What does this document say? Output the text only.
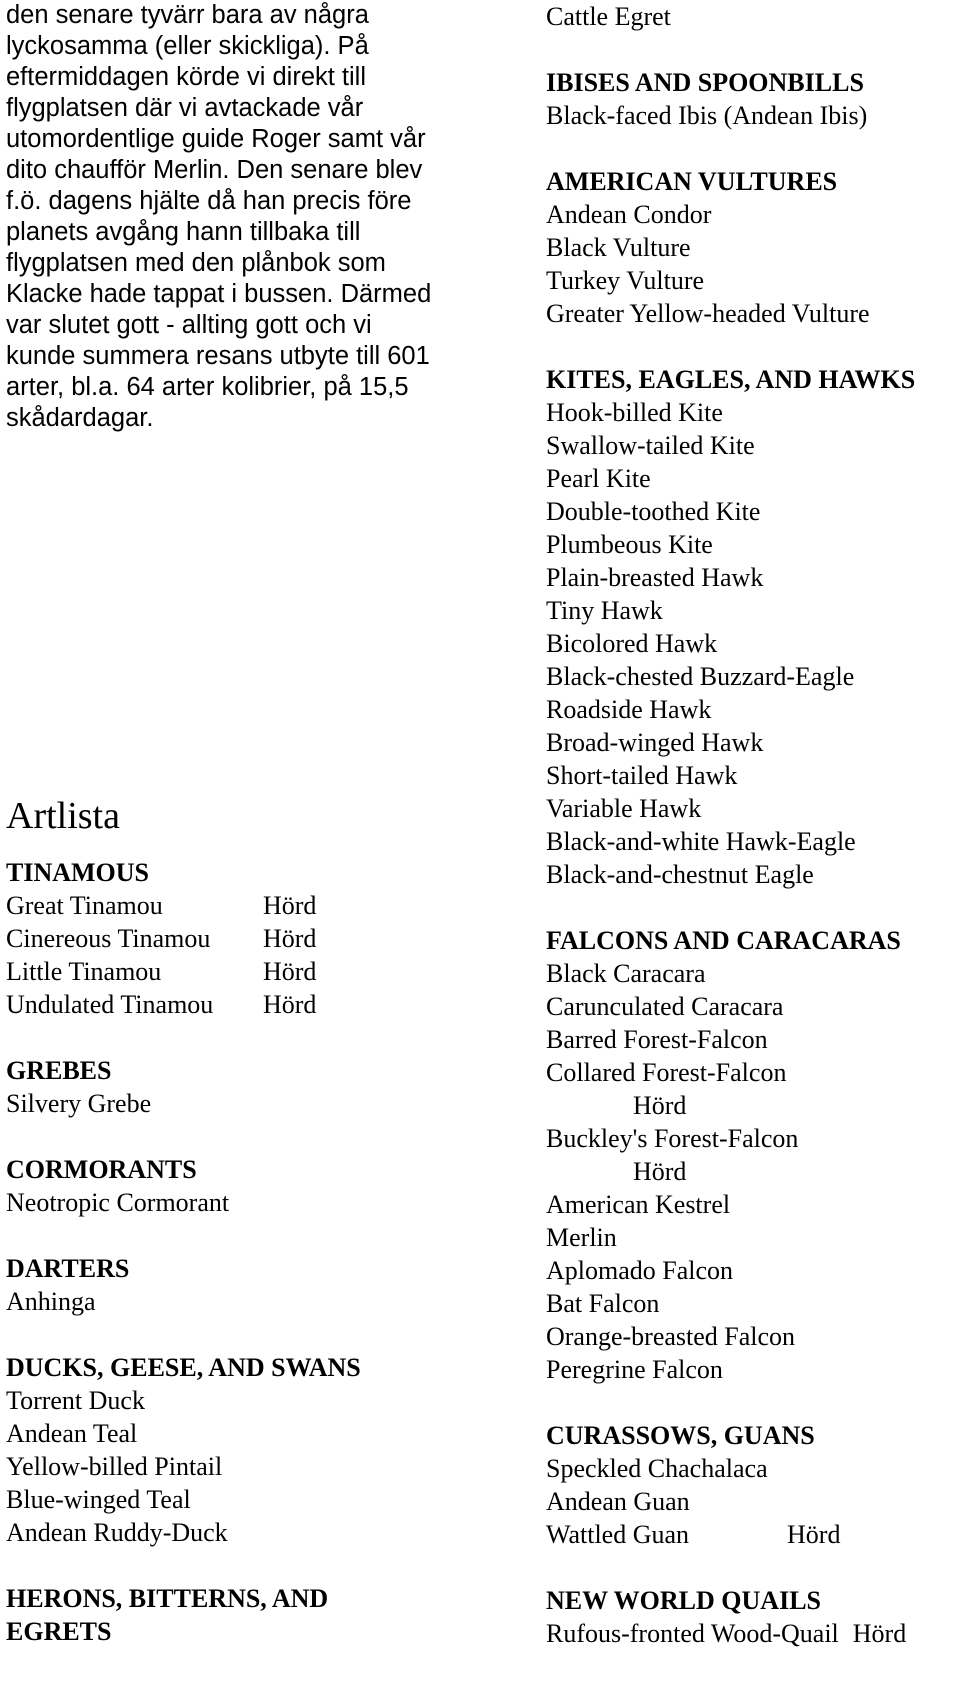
den senare tyvärr bara av några
lyckosamma (eller skickliga). På
eftermiddagen körde vi direkt till
flygplatsen där vi avtackade vår
utomordentlige guide Roger samt vår
dito chaufför Merlin. Den senare blev
f.ö. dagens hjälte då han precis före
planets avgång hann tillbaka till
flygplatsen med den plånbok som
Klacke hade tappat i bussen. Därmed
var slutet gott - allting gott och vi
kunde summera resans utbyte till 601
arter, bl.a. 64 arter kolibrier, på 15,5
skådardagar.
Artlista
TINAMOUS
Great Tinamou	Hörd
Cinereous Tinamou Hörd
Little Tinamou	Hörd
Undulated Tinamou Hörd
GREBES
Silvery Grebe
CORMORANTS
Neotropic Cormorant
DARTERS
Anhinga
DUCKS, GEESE, AND SWANS
Torrent Duck
Andean Teal
Yellow-billed Pintail
Blue-winged Teal
Andean Ruddy-Duck
HERONS, BITTERNS, AND
EGRETS
Cattle Egret
IBISES AND SPOONBILLS
Black-faced Ibis (Andean Ibis)
AMERICAN VULTURES
Andean Condor
Black Vulture
Turkey Vulture
Greater Yellow-headed Vulture
KITES, EAGLES, AND HAWKS
Hook-billed Kite
Swallow-tailed Kite
Pearl Kite
Double-toothed Kite
Plumbeous Kite
Plain-breasted Hawk
Tiny Hawk
Bicolored Hawk
Black-chested Buzzard-Eagle
Roadside Hawk
Broad-winged Hawk
Short-tailed Hawk
Variable Hawk
Black-and-white Hawk-Eagle
Black-and-chestnut Eagle
FALCONS AND CARACARAS
Black Caracara
Carunculated Caracara
Barred Forest-Falcon
Collared Forest-Falcon
Hörd
Buckley's Forest-Falcon
Hörd
American Kestrel
Merlin
Aplomado Falcon
Bat Falcon
Orange-breasted Falcon
Peregrine Falcon
CURASSOWS, GUANS
Speckled Chachalaca
Andean Guan
Wattled Guan	Hörd
NEW WORLD QUAILS
Rufous-fronted Wood-Quail Hörd
